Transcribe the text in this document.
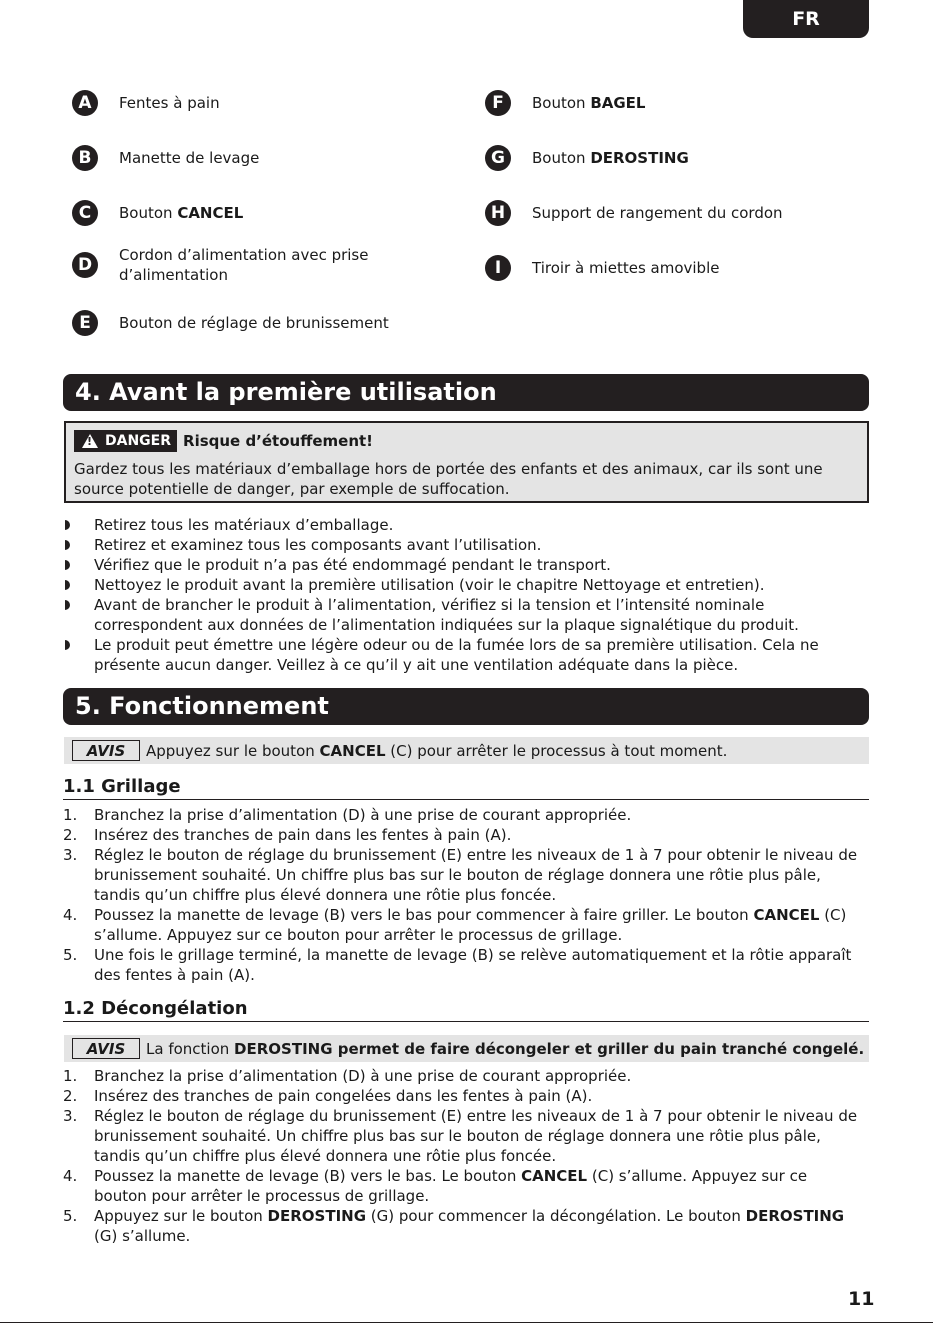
FR
A	Fentes à pain
B	Manette de levage
C	Bouton CANCEL
D	Cordon d’alimentation avec prise d’alimentation
E	Bouton de réglage de brunissement
F	Bouton BAGEL
G	Bouton DEROSTING
H	Support de rangement du cordon
I	Tiroir à miettes amovible
4. Avant la première utilisation
!
DANGER Risque d’étouffement!
Gardez tous les matériaux d’emballage hors de portée des enfants et des animaux, car ils sont une source potentielle de danger, par exemple de suffocation.
Retirez tous les matériaux d’emballage.
Retirez et examinez tous les composants avant l’utilisation.
Vérifiez que le produit n’a pas été endommagé pendant le transport.
Nettoyez le produit avant la première utilisation (voir le chapitre Nettoyage et entretien).
Avant de brancher le produit à l’alimentation, vérifiez si la tension et l’intensité nominale correspondent aux données de l’alimentation indiquées sur la plaque signalétique du produit.
Le produit peut émettre une légère odeur ou de la fumée lors de sa première utilisation. Cela ne présente aucun danger. Veillez à ce qu’il y ait une ventilation adéquate dans la pièce.
5. Fonctionnement
AVIS	Appuyez sur le bouton CANCEL (C) pour arrêter le processus à tout moment.
1.1 Grillage
1. Branchez la prise d’alimentation (D) à une prise de courant appropriée.
2. Insérez des tranches de pain dans les fentes à pain (A).
3. Réglez le bouton de réglage du brunissement (E) entre les niveaux de 1 à 7 pour obtenir le niveau de brunissement souhaité. Un chiffre plus bas sur le bouton de réglage donnera une rôtie plus pâle, tandis qu’un chiffre plus élevé donnera une rôtie plus foncée.
4. Poussez la manette de levage (B) vers le bas pour commencer à faire griller. Le bouton CANCEL (C) s’allume. Appuyez sur ce bouton pour arrêter le processus de grillage.
5. Une fois le grillage terminé, la manette de levage (B) se relève automatiquement et la rôtie apparaît des fentes à pain (A).
1.2 Décongélation
AVIS	La fonction DEROSTING permet de faire décongeler et griller du pain tranché congelé.
1. Branchez la prise d’alimentation (D) à une prise de courant appropriée.
2. Insérez des tranches de pain congelées dans les fentes à pain (A).
3. Réglez le bouton de réglage du brunissement (E) entre les niveaux de 1 à 7 pour obtenir le niveau de brunissement souhaité. Un chiffre plus bas sur le bouton de réglage donnera une rôtie plus pâle, tandis qu’un chiffre plus élevé donnera une rôtie plus foncée.
4. Poussez la manette de levage (B) vers le bas. Le bouton CANCEL (C) s’allume. Appuyez sur ce bouton pour arrêter le processus de grillage.
5. Appuyez sur le bouton DEROSTING (G) pour commencer la décongélation. Le bouton DEROSTING (G) s’allume.
11
